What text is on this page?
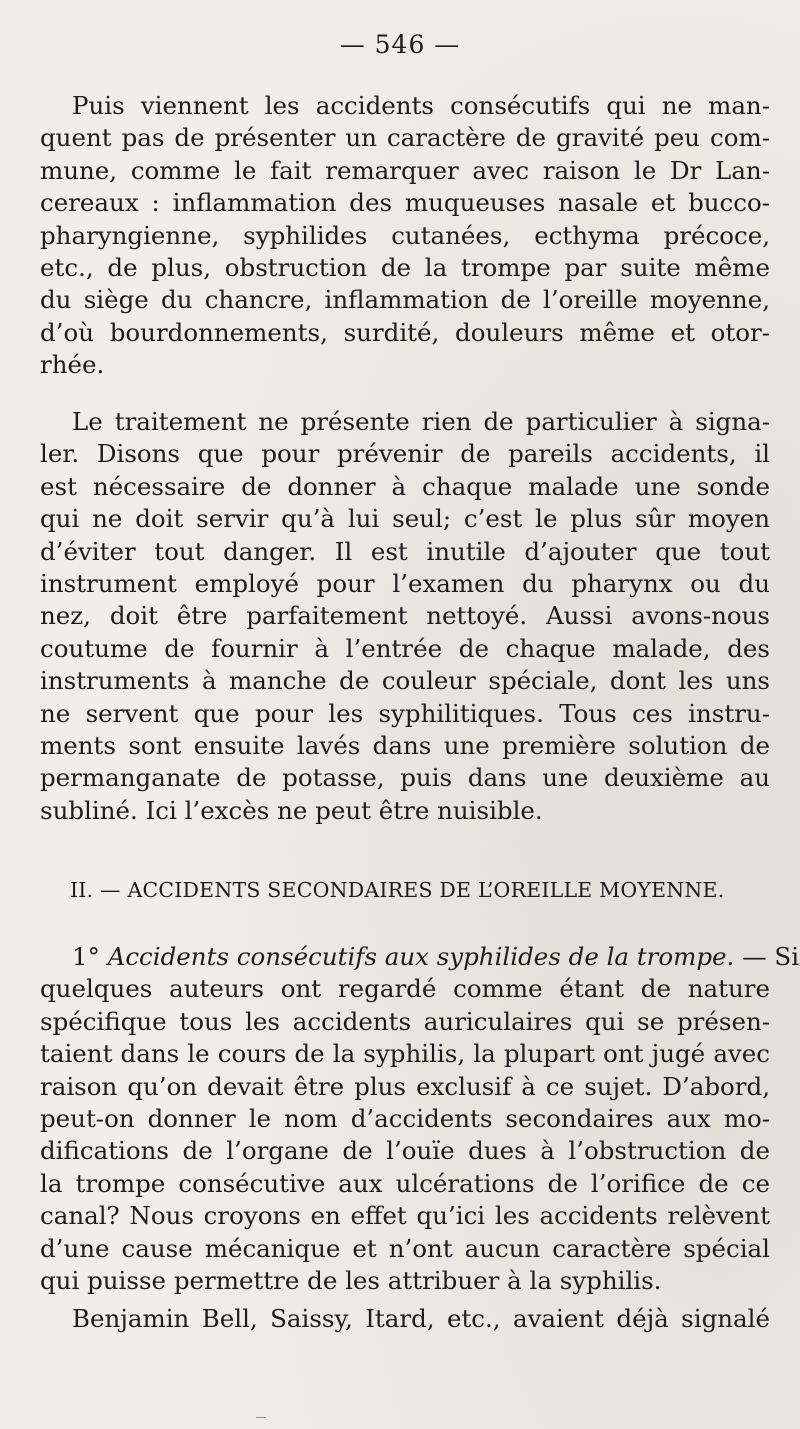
— 546 —
Puis viennent les accidents consécutifs qui ne man-
quent pas de présenter un caractère de gravité peu com-
mune, comme le fait remarquer avec raison le Dr Lan-
cereaux : inflammation des muqueuses nasale et bucco-
pharyngienne, syphilides cutanées, ecthyma précoce,
etc., de plus, obstruction de la trompe par suite même
du siège du chancre, inflammation de l’oreille moyenne,
d’où bourdonnements, surdité, douleurs même et otor-
rhée.
Le traitement ne présente rien de particulier à signa-
ler. Disons que pour prévenir de pareils accidents, il
est nécessaire de donner à chaque malade une sonde
qui ne doit servir qu’à lui seul; c’est le plus sûr moyen
d’éviter tout danger. Il est inutile d’ajouter que tout
instrument employé pour l’examen du pharynx ou du
nez, doit être parfaitement nettoyé. Aussi avons-nous
coutume de fournir à l’entrée de chaque malade, des
instruments à manche de couleur spéciale, dont les uns
ne servent que pour les syphilitiques. Tous ces instru-
ments sont ensuite lavés dans une première solution de
permanganate de potasse, puis dans une deuxième au
subliné. Ici l’excès ne peut être nuisible.
II. — ACCIDENTS SECONDAIRES DE L’OREILLE MOYENNE.
1° Accidents consécutifs aux syphilides de la trompe. — Si
quelques auteurs ont regardé comme étant de nature
spécifique tous les accidents auriculaires qui se présen-
taient dans le cours de la syphilis, la plupart ont jugé avec
raison qu’on devait être plus exclusif à ce sujet. D’abord,
peut-on donner le nom d’accidents secondaires aux mo-
difications de l’organe de l’ouïe dues à l’obstruction de
la trompe consécutive aux ulcérations de l’orifice de ce
canal? Nous croyons en effet qu’ici les accidents relèvent
d’une cause mécanique et n’ont aucun caractère spécial
qui puisse permettre de les attribuer à la syphilis.
Benjamin Bell, Saissy, Itard, etc., avaient déjà signalé
